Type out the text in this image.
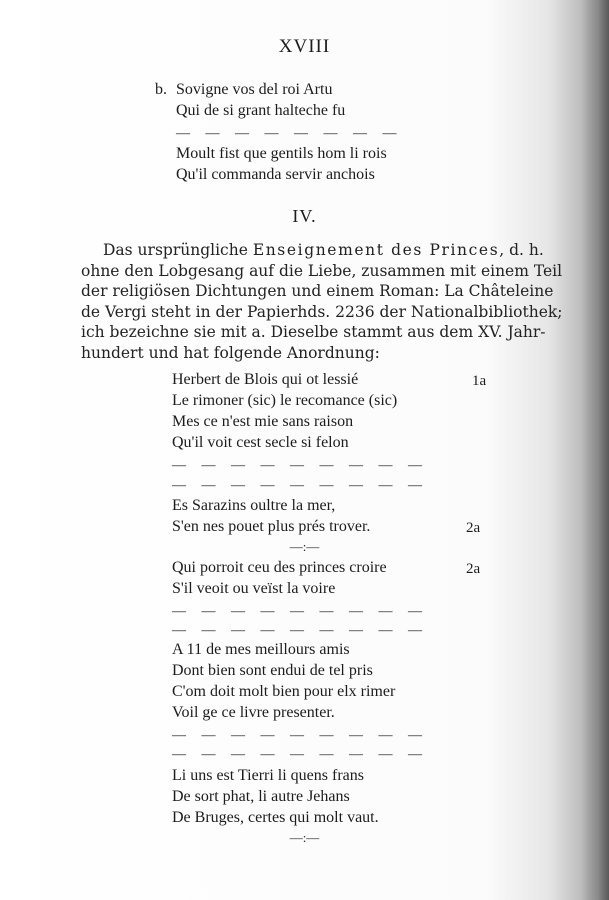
XVIII
b. Sovigne vos del roi Artu
Qui de si grant halteche fu
— — — — — — — —
Moult fist que gentils hom li rois
Qu'il commanda servir anchois
IV.
Das ursprüngliche Enseignement des Princes, d. h.
ohne den Lobgesang auf die Liebe, zusammen mit einem Teil
der religiösen Dichtungen und einem Roman: La Châteleine
de Vergi steht in der Papierhds. 2236 der Nationalbibliothek;
ich bezeichne sie mit a. Dieselbe stammt aus dem XV. Jahr-
hundert und hat folgende Anordnung:
Herbert de Blois qui ot lessié	1a
Le rimoner (sic) le recomance (sic)
Mes ce n'est mie sans raison
Qu'il voit cest secle si felon
— — — — — — — — —
— — — — — — — — —
Es Sarazins oultre la mer,
S'en nes pouet plus prés trover.	2a
—:—
Qui porroit ceu des princes croire	2a
S'il veoit ou veïst la voire
— — — — — — — — —
— — — — — — — — —
A 11 de mes meillours amis
Dont bien sont endui de tel pris
C'om doit molt bien pour elx rimer
Voil ge ce livre presenter.
— — — — — — — — —
— — — — — — — — —
Li uns est Tierri li quens frans
De sort phat, li autre Jehans
De Bruges, certes qui molt vaut.
—:—
